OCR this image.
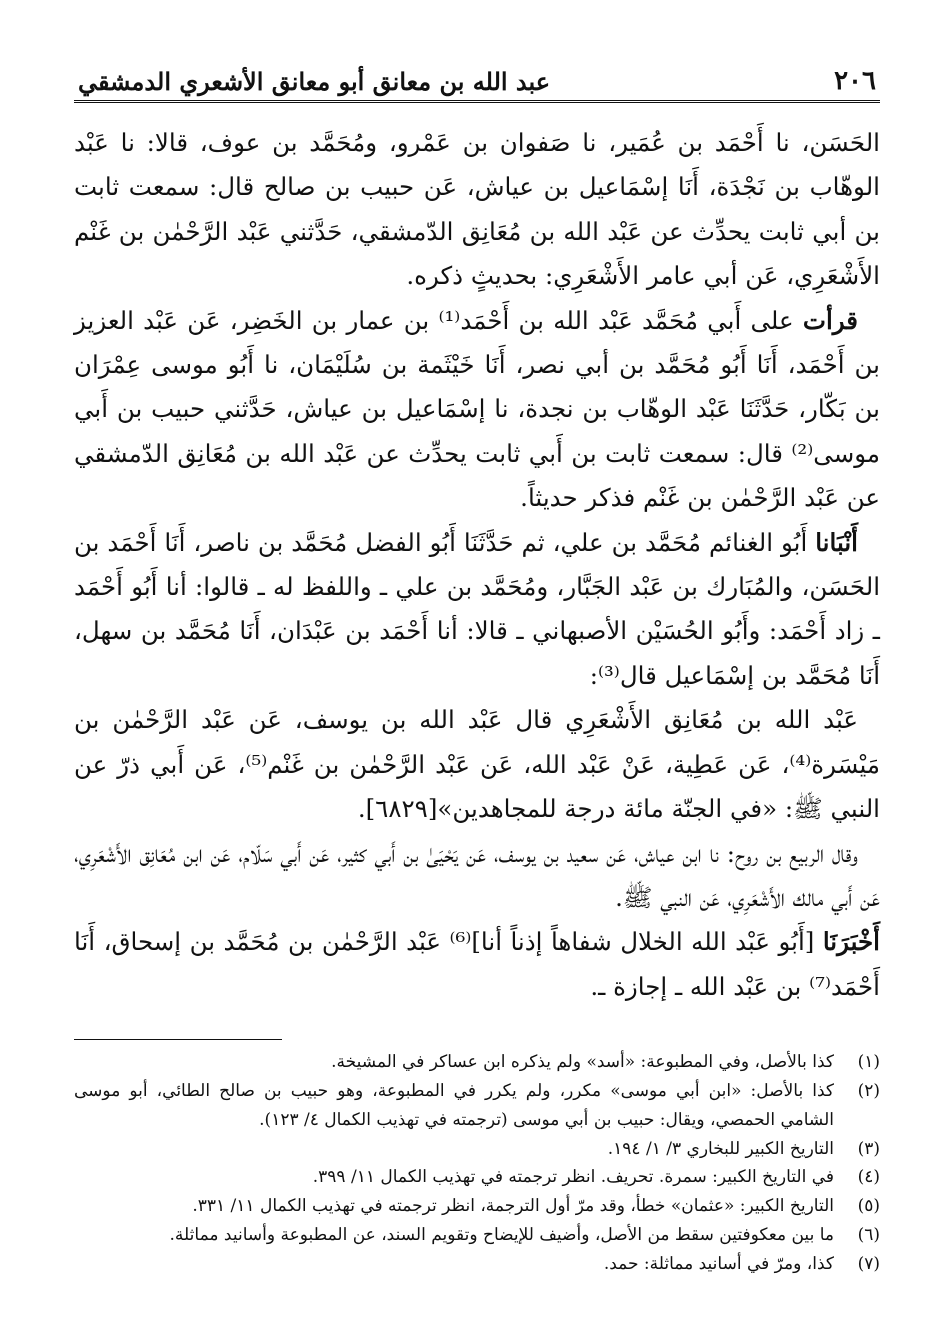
٢٠٦
عبد الله بن معانق أبو معانق الأشعري الدمشقي

الحَسَن، نا أَحْمَد بن عُمَير، نا صَفوان بن عَمْرو، ومُحَمَّد بن عوف، قالا: نا عَبْد الوهّاب بن نَجْدَة، أَنَا إسْمَاعيل بن عياش، عَن حبيب بن صالح قال: سمعت ثابت بن أبي ثابت يحدِّث عن عَبْد الله بن مُعَانِق الدّمشقي، حَدَّثني عَبْد الرَّحْمٰن بن غَنْم الأَشْعَرِي، عَن أبي عامر الأَشْعَرِي: بحديثٍ ذكره.

قرأت على أَبي مُحَمَّد عَبْد الله بن أَحْمَد⁽¹⁾ بن عمار بن الخَضِر، عَن عَبْد العزيز بن أَحْمَد، أَنَا أَبُو مُحَمَّد بن أبي نصر، أَنَا خَيْثَمة بن سُلَيْمَان، نا أَبُو موسى عِمْرَان بن بَكّار، حَدَّثَنَا عَبْد الوهّاب بن نجدة، نا إسْمَاعيل بن عياش، حَدَّثني حبيب بن أَبي موسى⁽²⁾ قال: سمعت ثابت بن أَبي ثابت يحدِّث عن عَبْد الله بن مُعَانِق الدّمشقي عن عَبْد الرَّحْمٰن بن غَنْم فذكر حديثاً.

أَنْبَانا أَبُو الغنائم مُحَمَّد بن علي، ثم حَدَّثَنَا أَبُو الفضل مُحَمَّد بن ناصر، أَنَا أَحْمَد بن الحَسَن، والمُبَارك بن عَبْد الجَبَّار، ومُحَمَّد بن علي ـ واللفظ له ـ قالوا: أنا أَبُو أَحْمَد ـ زاد أَحْمَد: وأَبُو الحُسَيْن الأصبهاني ـ قالا: أنا أَحْمَد بن عَبْدَان، أَنَا مُحَمَّد بن سهل، أَنَا مُحَمَّد بن إسْمَاعيل قال⁽³⁾:

عَبْد الله بن مُعَانِق الأَشْعَرِي قال عَبْد الله بن يوسف، عَن عَبْد الرَّحْمٰن بن مَيْسَرة⁽⁴⁾، عَن عَطِية، عَنْ عَبْد الله، عَن عَبْد الرَّحْمٰن بن غَنْم⁽⁵⁾، عَن أَبي ذرّ عن النبي ﷺ: «في الجنّة مائة درجة للمجاهدين»[٦٨٢٩].

وقال الربيع بن روح: نا ابن عياش، عَن سعيد بن يوسف، عَن يَحْيَىٰ بن أَبي كثير، عَن أَبي سَلّام، عَن ابن مُعَانِق الأَشْعَرِي، عَن أَبي مالك الأَشْعَرِي، عَن النبي ﷺ.

أَخْبَرَنَا [أَبُو عَبْد الله الخلال شفاهاً إذناً أنا]⁽⁶⁾ عَبْد الرَّحْمٰن بن مُحَمَّد بن إسحاق، أَنَا أَحْمَد⁽⁷⁾ بن عَبْد الله ـ إجازة ـ.

(١)
كذا بالأصل، وفي المطبوعة: «أسد» ولم يذكره ابن عساكر في المشيخة.
(٢)
كذا بالأصل: «ابن أبي موسى» مكرر، ولم يكرر في المطبوعة، وهو حبيب بن صالح الطائي، أبو موسى الشامي الحمصي، ويقال: حبيب بن أبي موسى (ترجمته في تهذيب الكمال ٤/ ١٢٣).
(٣)
التاريخ الكبير للبخاري ٣/ ١/ ١٩٤.
(٤)
في التاريخ الكبير: سمرة. تحريف. انظر ترجمته في تهذيب الكمال ١١/ ٣٩٩.
(٥)
التاريخ الكبير: «عثمان» خطأ، وقد مرّ أول الترجمة، انظر ترجمته في تهذيب الكمال ١١/ ٣٣١.
(٦)
ما بين معكوفتين سقط من الأصل، وأضيف للإيضاح وتقويم السند، عن المطبوعة وأسانيد مماثلة.
(٧)
كذا، ومرّ في أسانيد مماثلة: حمد.
